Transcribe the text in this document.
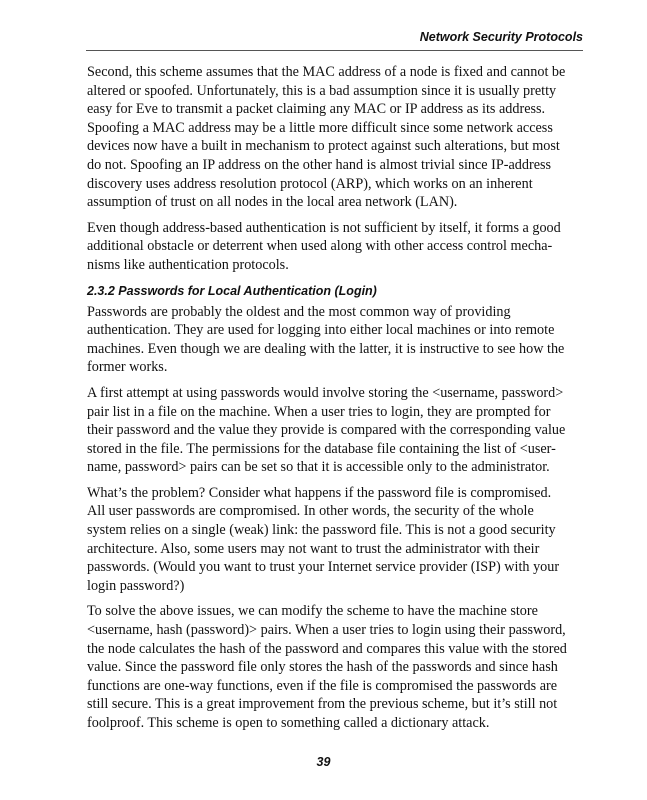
Network Security Protocols

Second, this scheme assumes that the MAC address of a node is fixed and cannot be
altered or spoofed. Unfortunately, this is a bad assumption since it is usually pretty
easy for Eve to transmit a packet claiming any MAC or IP address as its address.
Spoofing a MAC address may be a little more difficult since some network access
devices now have a built in mechanism to protect against such alterations, but most
do not. Spoofing an IP address on the other hand is almost trivial since IP-address
discovery uses address resolution protocol (ARP), which works on an inherent
assumption of trust on all nodes in the local area network (LAN).

Even though address-based authentication is not sufficient by itself, it forms a good
additional obstacle or deterrent when used along with other access control mecha-
nisms like authentication protocols.

2.3.2 Passwords for Local Authentication (Login)

Passwords are probably the oldest and the most common way of providing
authentication. They are used for logging into either local machines or into remote
machines. Even though we are dealing with the latter, it is instructive to see how the
former works.

A first attempt at using passwords would involve storing the <username, password>
pair list in a file on the machine. When a user tries to login, they are prompted for
their password and the value they provide is compared with the corresponding value
stored in the file. The permissions for the database file containing the list of <user-
name, password> pairs can be set so that it is accessible only to the administrator.

What’s the problem? Consider what happens if the password file is compromised.
All user passwords are compromised. In other words, the security of the whole
system relies on a single (weak) link: the password file. This is not a good security
architecture. Also, some users may not want to trust the administrator with their
passwords. (Would you want to trust your Internet service provider (ISP) with your
login password?)

To solve the above issues, we can modify the scheme to have the machine store
<username, hash (password)> pairs. When a user tries to login using their password,
the node calculates the hash of the password and compares this value with the stored
value. Since the password file only stores the hash of the passwords and since hash
functions are one-way functions, even if the file is compromised the passwords are
still secure. This is a great improvement from the previous scheme, but it’s still not
foolproof. This scheme is open to something called a dictionary attack.

39
